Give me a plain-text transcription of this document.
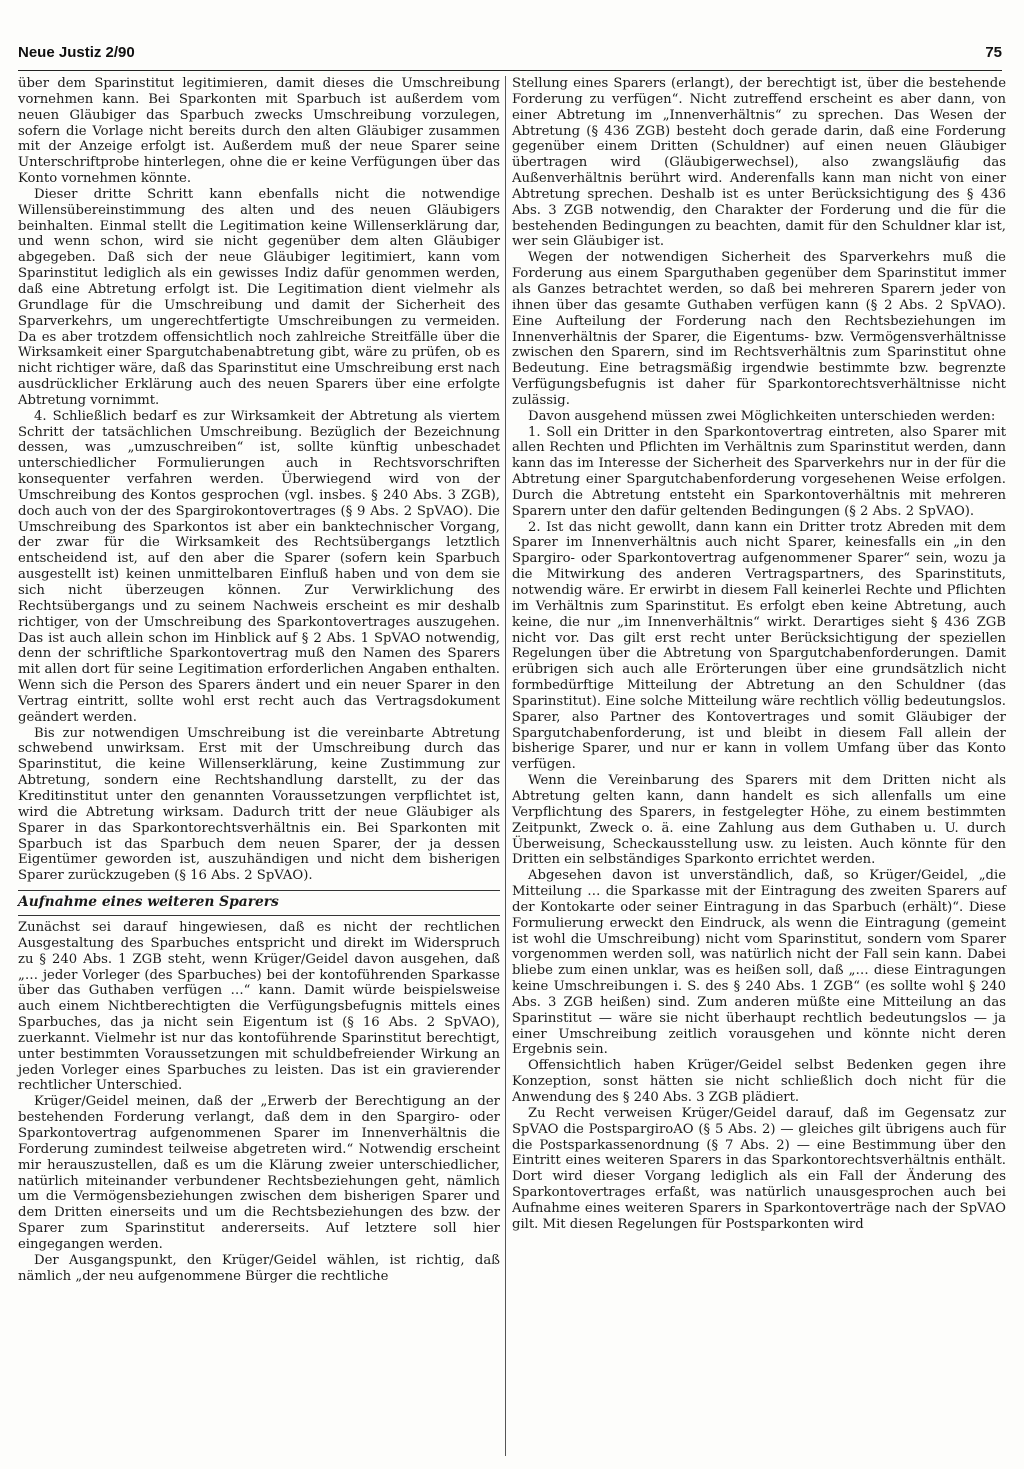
Neue Justiz 2/90	75

über dem Sparinstitut legitimieren, damit dieses die Umschreibung vornehmen kann. Bei Sparkonten mit Sparbuch ist außerdem vom neuen Gläubiger das Sparbuch zwecks Umschreibung vorzulegen, sofern die Vorlage nicht bereits durch den alten Gläubiger zusammen mit der Anzeige erfolgt ist. Außerdem muß der neue Sparer seine Unterschriftprobe hinterlegen, ohne die er keine Verfügungen über das Konto vornehmen könnte.

Dieser dritte Schritt kann ebenfalls nicht die notwendige Willensübereinstimmung des alten und des neuen Gläubigers beinhalten. Einmal stellt die Legitimation keine Willenserklärung dar, und wenn schon, wird sie nicht gegenüber dem alten Gläubiger abgegeben. Daß sich der neue Gläubiger legitimiert, kann vom Sparinstitut lediglich als ein gewisses Indiz dafür genommen werden, daß eine Abtretung erfolgt ist. Die Legitimation dient vielmehr als Grundlage für die Umschreibung und damit der Sicherheit des Sparverkehrs, um ungerechtfertigte Umschreibungen zu vermeiden. Da es aber trotzdem offensichtlich noch zahlreiche Streitfälle über die Wirksamkeit einer Spargutchabenabtretung gibt, wäre zu prüfen, ob es nicht richtiger wäre, daß das Sparinstitut eine Umschreibung erst nach ausdrücklicher Erklärung auch des neuen Sparers über eine erfolgte Abtretung vornimmt.

4. Schließlich bedarf es zur Wirksamkeit der Abtretung als viertem Schritt der tatsächlichen Umschreibung. Bezüglich der Bezeichnung dessen, was „umzuschreiben“ ist, sollte künftig unbeschadet unterschiedlicher Formulierungen auch in Rechtsvorschriften konsequenter verfahren werden. Überwiegend wird von der Umschreibung des Kontos gesprochen (vgl. insbes. § 240 Abs. 3 ZGB), doch auch von der des Spargirokontovertrages (§ 9 Abs. 2 SpVAO). Die Umschreibung des Sparkontos ist aber ein banktechnischer Vorgang, der zwar für die Wirksamkeit des Rechtsübergangs letztlich entscheidend ist, auf den aber die Sparer (sofern kein Sparbuch ausgestellt ist) keinen unmittelbaren Einfluß haben und von dem sie sich nicht überzeugen können. Zur Verwirklichung des Rechtsübergangs und zu seinem Nachweis erscheint es mir deshalb richtiger, von der Umschreibung des Sparkontovertrages auszugehen. Das ist auch allein schon im Hinblick auf § 2 Abs. 1 SpVAO notwendig, denn der schriftliche Sparkontovertrag muß den Namen des Sparers mit allen dort für seine Legitimation erforderlichen Angaben enthalten. Wenn sich die Person des Sparers ändert und ein neuer Sparer in den Vertrag eintritt, sollte wohl erst recht auch das Vertragsdokument geändert werden.

Bis zur notwendigen Umschreibung ist die vereinbarte Abtretung schwebend unwirksam. Erst mit der Umschreibung durch das Sparinstitut, die keine Willenserklärung, keine Zustimmung zur Abtretung, sondern eine Rechtshandlung darstellt, zu der das Kreditinstitut unter den genannten Voraussetzungen verpflichtet ist, wird die Abtretung wirksam. Dadurch tritt der neue Gläubiger als Sparer in das Sparkontorechtsverhältnis ein. Bei Sparkonten mit Sparbuch ist das Sparbuch dem neuen Sparer, der ja dessen Eigentümer geworden ist, auszuhändigen und nicht dem bisherigen Sparer zurückzugeben (§ 16 Abs. 2 SpVAO).

Aufnahme eines weiteren Sparers

Zunächst sei darauf hingewiesen, daß es nicht der rechtlichen Ausgestaltung des Sparbuches entspricht und direkt im Widerspruch zu § 240 Abs. 1 ZGB steht, wenn Krüger/Geidel davon ausgehen, daß „… jeder Vorleger (des Sparbuches) bei der kontoführenden Sparkasse über das Guthaben verfügen …“ kann. Damit würde beispielsweise auch einem Nichtberechtigten die Verfügungsbefugnis mittels eines Sparbuches, das ja nicht sein Eigentum ist (§ 16 Abs. 2 SpVAO), zuerkannt. Vielmehr ist nur das kontoführende Sparinstitut berechtigt, unter bestimmten Voraussetzungen mit schuldbefreiender Wirkung an jeden Vorleger eines Sparbuches zu leisten. Das ist ein gravierender rechtlicher Unterschied.

Krüger/Geidel meinen, daß der „Erwerb der Berechtigung an der bestehenden Forderung verlangt, daß dem in den Spargiro- oder Sparkontovertrag aufgenommenen Sparer im Innenverhältnis die Forderung zumindest teilweise abgetreten wird.“ Notwendig erscheint mir herauszustellen, daß es um die Klärung zweier unterschiedlicher, natürlich miteinander verbundener Rechtsbeziehungen geht, nämlich um die Vermögensbeziehungen zwischen dem bisherigen Sparer und dem Dritten einerseits und um die Rechtsbeziehungen des bzw. der Sparer zum Sparinstitut andererseits. Auf letztere soll hier eingegangen werden.

Der Ausgangspunkt, den Krüger/Geidel wählen, ist richtig, daß nämlich „der neu aufgenommene Bürger die rechtliche

Stellung eines Sparers (erlangt), der berechtigt ist, über die bestehende Forderung zu verfügen“. Nicht zutreffend erscheint es aber dann, von einer Abtretung im „Innenverhältnis“ zu sprechen. Das Wesen der Abtretung (§ 436 ZGB) besteht doch gerade darin, daß eine Forderung gegenüber einem Dritten (Schuldner) auf einen neuen Gläubiger übertragen wird (Gläubigerwechsel), also zwangsläufig das Außenverhältnis berührt wird. Anderenfalls kann man nicht von einer Abtretung sprechen. Deshalb ist es unter Berücksichtigung des § 436 Abs. 3 ZGB notwendig, den Charakter der Forderung und die für die bestehenden Bedingungen zu beachten, damit für den Schuldner klar ist, wer sein Gläubiger ist.

Wegen der notwendigen Sicherheit des Sparverkehrs muß die Forderung aus einem Sparguthaben gegenüber dem Sparinstitut immer als Ganzes betrachtet werden, so daß bei mehreren Sparern jeder von ihnen über das gesamte Guthaben verfügen kann (§ 2 Abs. 2 SpVAO). Eine Aufteilung der Forderung nach den Rechtsbeziehungen im Innenverhältnis der Sparer, die Eigentums- bzw. Vermögensverhältnisse zwischen den Sparern, sind im Rechtsverhältnis zum Sparinstitut ohne Bedeutung. Eine betragsmäßig irgendwie bestimmte bzw. begrenzte Verfügungsbefugnis ist daher für Sparkontorechtsverhältnisse nicht zulässig.

Davon ausgehend müssen zwei Möglichkeiten unterschieden werden:

1. Soll ein Dritter in den Sparkontovertrag eintreten, also Sparer mit allen Rechten und Pflichten im Verhältnis zum Sparinstitut werden, dann kann das im Interesse der Sicherheit des Sparverkehrs nur in der für die Abtretung einer Spargutchabenforderung vorgesehenen Weise erfolgen. Durch die Abtretung entsteht ein Sparkontoverhältnis mit mehreren Sparern unter den dafür geltenden Bedingungen (§ 2 Abs. 2 SpVAO).

2. Ist das nicht gewollt, dann kann ein Dritter trotz Abreden mit dem Sparer im Innenverhältnis auch nicht Sparer, keinesfalls ein „in den Spargiro- oder Sparkontovertrag aufgenommener Sparer“ sein, wozu ja die Mitwirkung des anderen Vertragspartners, des Sparinstituts, notwendig wäre. Er erwirbt in diesem Fall keinerlei Rechte und Pflichten im Verhältnis zum Sparinstitut. Es erfolgt eben keine Abtretung, auch keine, die nur „im Innenverhältnis“ wirkt. Derartiges sieht § 436 ZGB nicht vor. Das gilt erst recht unter Berücksichtigung der speziellen Regelungen über die Abtretung von Spargutchabenforderungen. Damit erübrigen sich auch alle Erörterungen über eine grundsätzlich nicht formbedürftige Mitteilung der Abtretung an den Schuldner (das Sparinstitut). Eine solche Mitteilung wäre rechtlich völlig bedeutungslos. Sparer, also Partner des Kontovertrages und somit Gläubiger der Spargutchabenforderung, ist und bleibt in diesem Fall allein der bisherige Sparer, und nur er kann in vollem Umfang über das Konto verfügen.

Wenn die Vereinbarung des Sparers mit dem Dritten nicht als Abtretung gelten kann, dann handelt es sich allenfalls um eine Verpflichtung des Sparers, in festgelegter Höhe, zu einem bestimmten Zeitpunkt, Zweck o. ä. eine Zahlung aus dem Guthaben u. U. durch Überweisung, Scheckausstellung usw. zu leisten. Auch könnte für den Dritten ein selbständiges Sparkonto errichtet werden.

Abgesehen davon ist unverständlich, daß, so Krüger/Geidel, „die Mitteilung … die Sparkasse mit der Eintragung des zweiten Sparers auf der Kontokarte oder seiner Eintragung in das Sparbuch (erhält)“. Diese Formulierung erweckt den Eindruck, als wenn die Eintragung (gemeint ist wohl die Umschreibung) nicht vom Sparinstitut, sondern vom Sparer vorgenommen werden soll, was natürlich nicht der Fall sein kann. Dabei bliebe zum einen unklar, was es heißen soll, daß „… diese Eintragungen keine Umschreibungen i. S. des § 240 Abs. 1 ZGB“ (es sollte wohl § 240 Abs. 3 ZGB heißen) sind. Zum anderen müßte eine Mitteilung an das Sparinstitut — wäre sie nicht überhaupt rechtlich bedeutungslos — ja einer Umschreibung zeitlich vorausgehen und könnte nicht deren Ergebnis sein.

Offensichtlich haben Krüger/Geidel selbst Bedenken gegen ihre Konzeption, sonst hätten sie nicht schließlich doch nicht für die Anwendung des § 240 Abs. 3 ZGB plädiert.

Zu Recht verweisen Krüger/Geidel darauf, daß im Gegensatz zur SpVAO die PostspargiroAO (§ 5 Abs. 2) — gleiches gilt übrigens auch für die Postsparkassenordnung (§ 7 Abs. 2) — eine Bestimmung über den Eintritt eines weiteren Sparers in das Sparkontorechtsverhältnis enthält. Dort wird dieser Vorgang lediglich als ein Fall der Änderung des Sparkontovertrages erfaßt, was natürlich unausgesprochen auch bei Aufnahme eines weiteren Sparers in Sparkontoverträge nach der SpVAO gilt. Mit diesen Regelungen für Postsparkonten wird
